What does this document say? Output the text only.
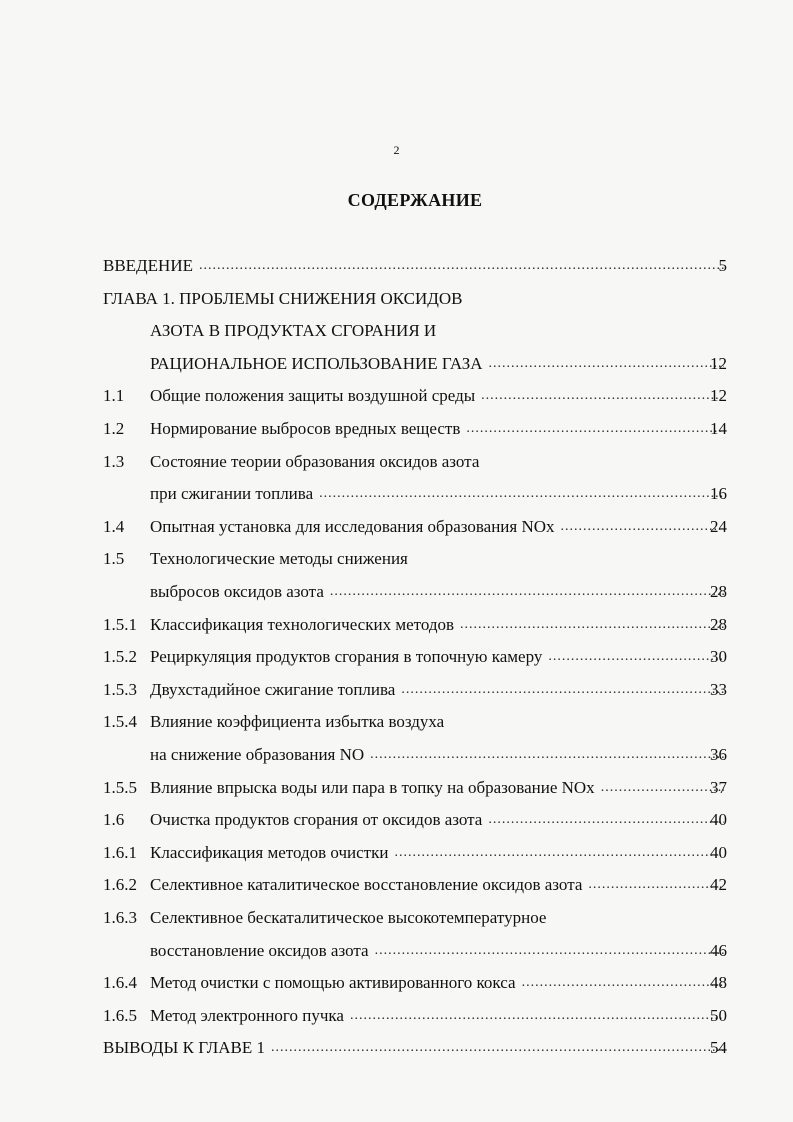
2
СОДЕРЖАНИЕ
ВВЕДЕНИЕ .....	5
ГЛАВА 1. ПРОБЛЕМЫ СНИЖЕНИЯ ОКСИДОВ
АЗОТА В ПРОДУКТАХ СГОРАНИЯ И
РАЦИОНАЛЬНОЕ ИСПОЛЬЗОВАНИЕ ГАЗА .....	12
1.1 Общие положения защиты воздушной среды .....	12
1.2 Нормирование выбросов вредных веществ .....	14
1.3 Состояние теории образования оксидов азота
при сжигании топлива .....	16
1.4 Опытная установка для исследования образования NOx .....	24
1.5 Технологические методы снижения
выбросов оксидов азота .....	28
1.5.1 Классификация технологических методов .....	28
1.5.2 Рециркуляция продуктов сгорания в топочную камеру .....	30
1.5.3 Двухстадийное сжигание топлива .....	33
1.5.4 Влияние коэффициента избытка воздуха
на снижение образования NO .....	36
1.5.5 Влияние впрыска воды или пара в топку на образование NOx .....	37
1.6 Очистка продуктов сгорания от оксидов азота .....	40
1.6.1 Классификация методов очистки .....	40
1.6.2 Селективное каталитическое восстановление оксидов азота .....	42
1.6.3 Селективное бескаталитическое высокотемпературное
восстановление оксидов азота .....	46
1.6.4 Метод очистки с помощью активированного кокса .....	48
1.6.5 Метод электронного пучка .....	50
ВЫВОДЫ К ГЛАВЕ 1 .....	54
